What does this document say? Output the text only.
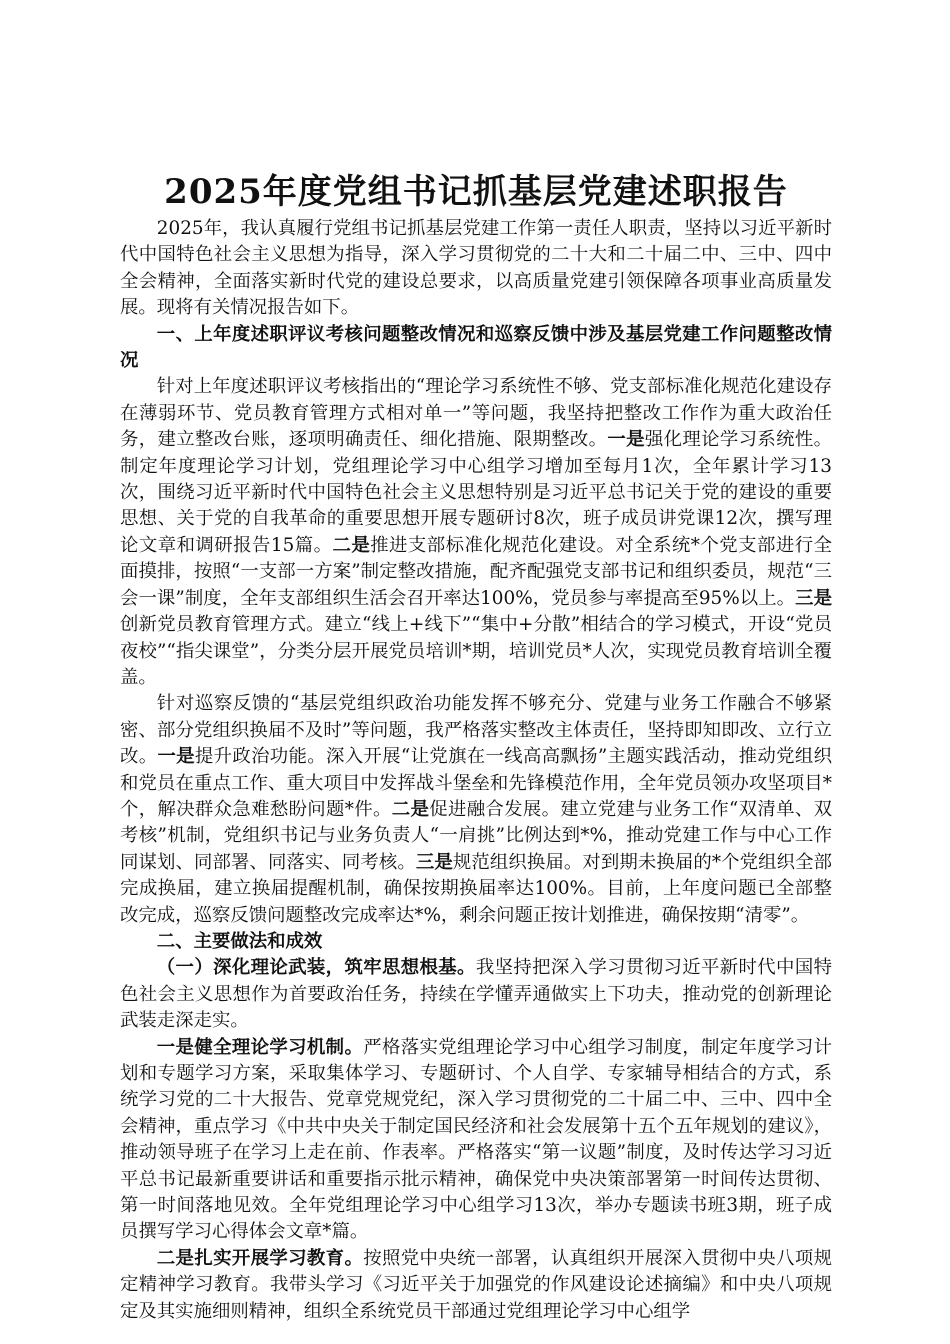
2025年度党组书记抓基层党建述职报告

2025年，我认真履行党组书记抓基层党建工作第一责任人职责，坚持以习近平新时代中国特色社会主义思想为指导，深入学习贯彻党的二十大和二十届二中、三中、四中全会精神，全面落实新时代党的建设总要求，以高质量党建引领保障各项事业高质量发展。现将有关情况报告如下。

一、上年度述职评议考核问题整改情况和巡察反馈中涉及基层党建工作问题整改情况

针对上年度述职评议考核指出的“理论学习系统性不够、党支部标准化规范化建设存在薄弱环节、党员教育管理方式相对单一”等问题，我坚持把整改工作作为重大政治任务，建立整改台账，逐项明确责任、细化措施、限期整改。一是强化理论学习系统性。制定年度理论学习计划，党组理论学习中心组学习增加至每月1次，全年累计学习13次，围绕习近平新时代中国特色社会主义思想特别是习近平总书记关于党的建设的重要思想、关于党的自我革命的重要思想开展专题研讨8次，班子成员讲党课12次，撰写理论文章和调研报告15篇。二是推进支部标准化规范化建设。对全系统*个党支部进行全面摸排，按照“一支部一方案”制定整改措施，配齐配强党支部书记和组织委员，规范“三会一课”制度，全年支部组织生活会召开率达100%，党员参与率提高至95%以上。三是创新党员教育管理方式。建立“线上+线下”“集中+分散”相结合的学习模式，开设“党员夜校”“指尖课堂”，分类分层开展党员培训*期，培训党员*人次，实现党员教育培训全覆盖。

针对巡察反馈的“基层党组织政治功能发挥不够充分、党建与业务工作融合不够紧密、部分党组织换届不及时”等问题，我严格落实整改主体责任，坚持即知即改、立行立改。一是提升政治功能。深入开展“让党旗在一线高高飘扬”主题实践活动，推动党组织和党员在重点工作、重大项目中发挥战斗堡垒和先锋模范作用，全年党员领办攻坚项目*个，解决群众急难愁盼问题*件。二是促进融合发展。建立党建与业务工作“双清单、双考核”机制，党组织书记与业务负责人“一肩挑”比例达到*%，推动党建工作与中心工作同谋划、同部署、同落实、同考核。三是规范组织换届。对到期未换届的*个党组织全部完成换届，建立换届提醒机制，确保按期换届率达100%。目前，上年度问题已全部整改完成，巡察反馈问题整改完成率达*%，剩余问题正按计划推进，确保按期“清零”。

二、主要做法和成效

（一）深化理论武装，筑牢思想根基。我坚持把深入学习贯彻习近平新时代中国特色社会主义思想作为首要政治任务，持续在学懂弄通做实上下功夫，推动党的创新理论武装走深走实。

一是健全理论学习机制。严格落实党组理论学习中心组学习制度，制定年度学习计划和专题学习方案，采取集体学习、专题研讨、个人自学、专家辅导相结合的方式，系统学习党的二十大报告、党章党规党纪，深入学习贯彻党的二十届二中、三中、四中全会精神，重点学习《中共中央关于制定国民经济和社会发展第十五个五年规划的建议》，推动领导班子在学习上走在前、作表率。严格落实“第一议题”制度，及时传达学习习近平总书记最新重要讲话和重要指示批示精神，确保党中央决策部署第一时间传达贯彻、第一时间落地见效。全年党组理论学习中心组学习13次，举办专题读书班3期，班子成员撰写学习心得体会文章*篇。

二是扎实开展学习教育。按照党中央统一部署，认真组织开展深入贯彻中央八项规定精神学习教育。我带头学习《习近平关于加强党的作风建设论述摘编》和中央八项规定及其实施细则精神，组织全系统党员干部通过党组理论学习中心组学
